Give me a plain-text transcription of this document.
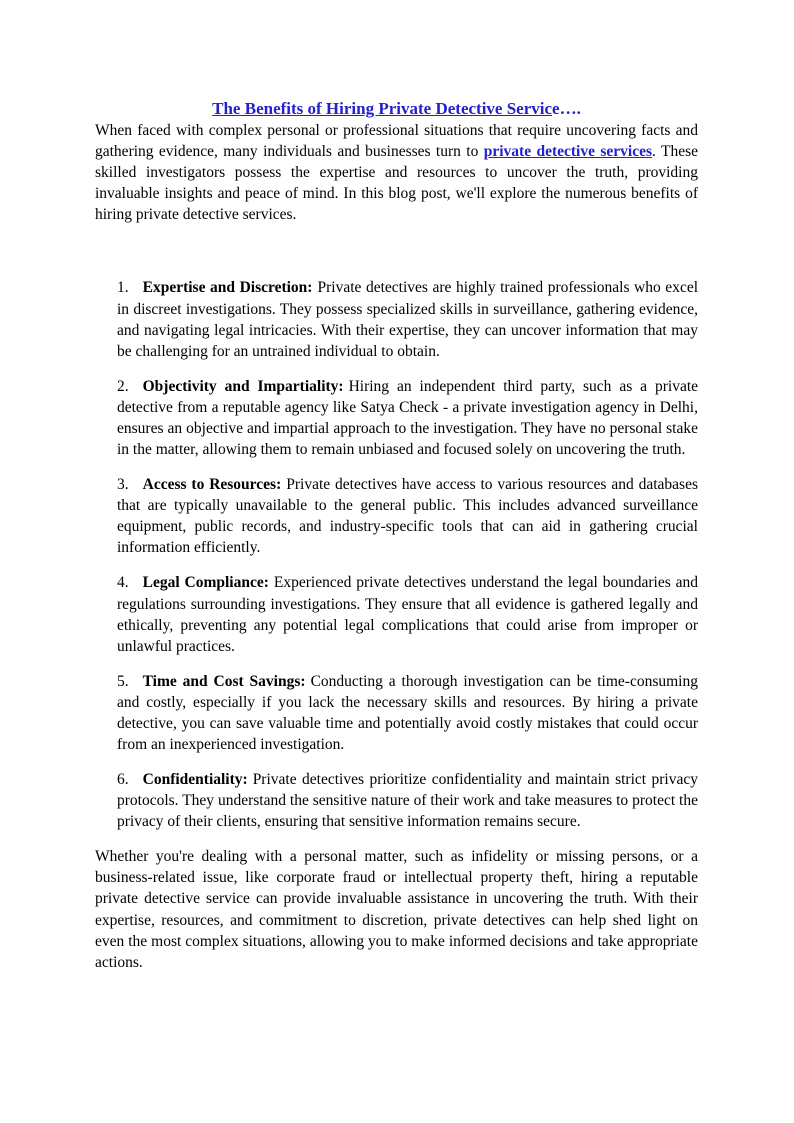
The Benefits of Hiring Private Detective Service….

When faced with complex personal or professional situations that require uncovering facts and gathering evidence, many individuals and businesses turn to private detective services. These skilled investigators possess the expertise and resources to uncover the truth, providing invaluable insights and peace of mind. In this blog post, we'll explore the numerous benefits of hiring private detective services.

1. Expertise and Discretion: Private detectives are highly trained professionals who excel in discreet investigations. They possess specialized skills in surveillance, gathering evidence, and navigating legal intricacies. With their expertise, they can uncover information that may be challenging for an untrained individual to obtain.
2. Objectivity and Impartiality: Hiring an independent third party, such as a private detective from a reputable agency like Satya Check - a private investigation agency in Delhi, ensures an objective and impartial approach to the investigation. They have no personal stake in the matter, allowing them to remain unbiased and focused solely on uncovering the truth.
3. Access to Resources: Private detectives have access to various resources and databases that are typically unavailable to the general public. This includes advanced surveillance equipment, public records, and industry-specific tools that can aid in gathering crucial information efficiently.
4. Legal Compliance: Experienced private detectives understand the legal boundaries and regulations surrounding investigations. They ensure that all evidence is gathered legally and ethically, preventing any potential legal complications that could arise from improper or unlawful practices.
5. Time and Cost Savings: Conducting a thorough investigation can be time-consuming and costly, especially if you lack the necessary skills and resources. By hiring a private detective, you can save valuable time and potentially avoid costly mistakes that could occur from an inexperienced investigation.
6. Confidentiality: Private detectives prioritize confidentiality and maintain strict privacy protocols. They understand the sensitive nature of their work and take measures to protect the privacy of their clients, ensuring that sensitive information remains secure.

Whether you're dealing with a personal matter, such as infidelity or missing persons, or a business-related issue, like corporate fraud or intellectual property theft, hiring a reputable private detective service can provide invaluable assistance in uncovering the truth. With their expertise, resources, and commitment to discretion, private detectives can help shed light on even the most complex situations, allowing you to make informed decisions and take appropriate actions.
